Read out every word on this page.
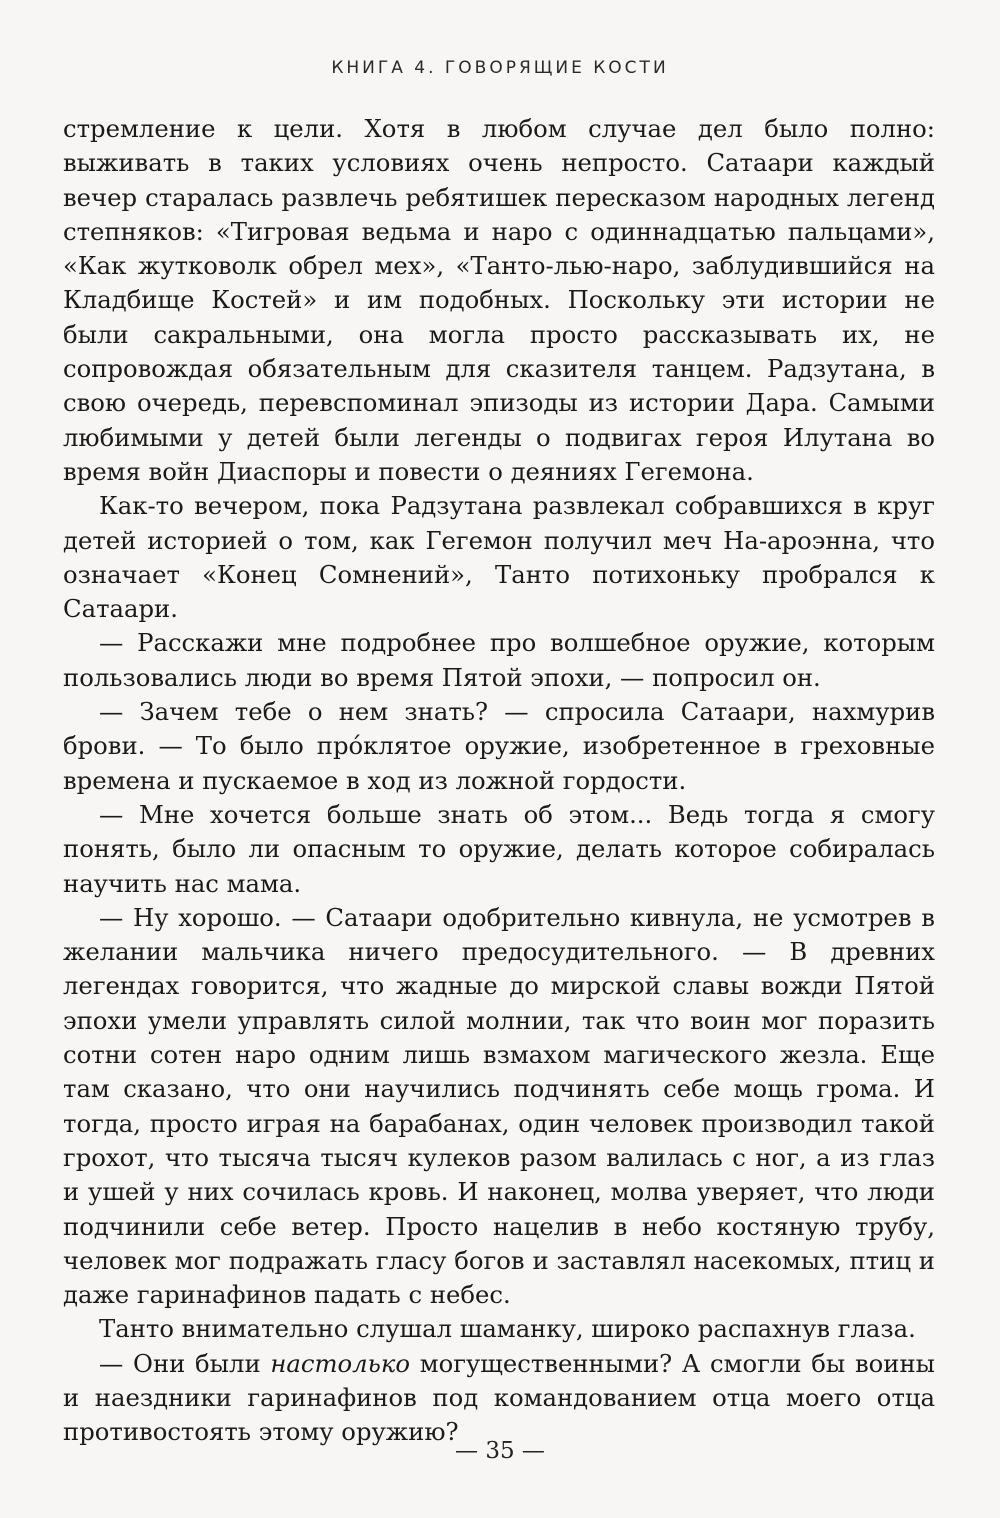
КНИГА 4. ГОВОРЯЩИЕ КОСТИ

стремление к цели. Хотя в любом случае дел было полно: выживать в таких условиях очень непросто. Сатаари каждый вечер старалась развлечь ребятишек пересказом народных легенд степняков: «Тигровая ведьма и наро с одиннадцатью пальцами», «Как жутковолк обрел мех», «Танто-лью-наро, заблудившийся на Кладбище Костей» и им подобных. Поскольку эти истории не были сакральными, она могла просто рассказывать их, не сопровождая обязательным для сказителя танцем. Радзутана, в свою очередь, перевспоминал эпизоды из истории Дара. Самыми любимыми у детей были легенды о подвигах героя Илутана во время войн Диаспоры и повести о деяниях Гегемона.

Как-то вечером, пока Радзутана развлекал собравшихся в круг детей историей о том, как Гегемон получил меч На-ароэнна, что означает «Конец Сомнений», Танто потихоньку пробрался к Сатаари.

— Расскажи мне подробнее про волшебное оружие, которым пользовались люди во время Пятой эпохи, — попросил он.

— Зачем тебе о нем знать? — спросила Сатаари, нахмурив брови. — То было про́клятое оружие, изобретенное в греховные времена и пускаемое в ход из ложной гордости.

— Мне хочется больше знать об этом... Ведь тогда я смогу понять, было ли опасным то оружие, делать которое собиралась научить нас мама.

— Ну хорошо. — Сатаари одобрительно кивнула, не усмотрев в желании мальчика ничего предосудительного. — В древних легендах говорится, что жадные до мирской славы вожди Пятой эпохи умели управлять силой молнии, так что воин мог поразить сотни сотен наро одним лишь взмахом магического жезла. Еще там сказано, что они научились подчинять себе мощь грома. И тогда, просто играя на барабанах, один человек производил такой грохот, что тысяча тысяч кулеков разом валилась с ног, а из глаз и ушей у них сочилась кровь. И наконец, молва уверяет, что люди подчинили себе ветер. Просто нацелив в небо костяную трубу, человек мог подражать гласу богов и заставлял насекомых, птиц и даже гаринафинов падать с небес.

Танто внимательно слушал шаманку, широко распахнув глаза.

— Они были настолько могущественными? А смогли бы воины и наездники гаринафинов под командованием отца моего отца противостоять этому оружию?

— 35 —
